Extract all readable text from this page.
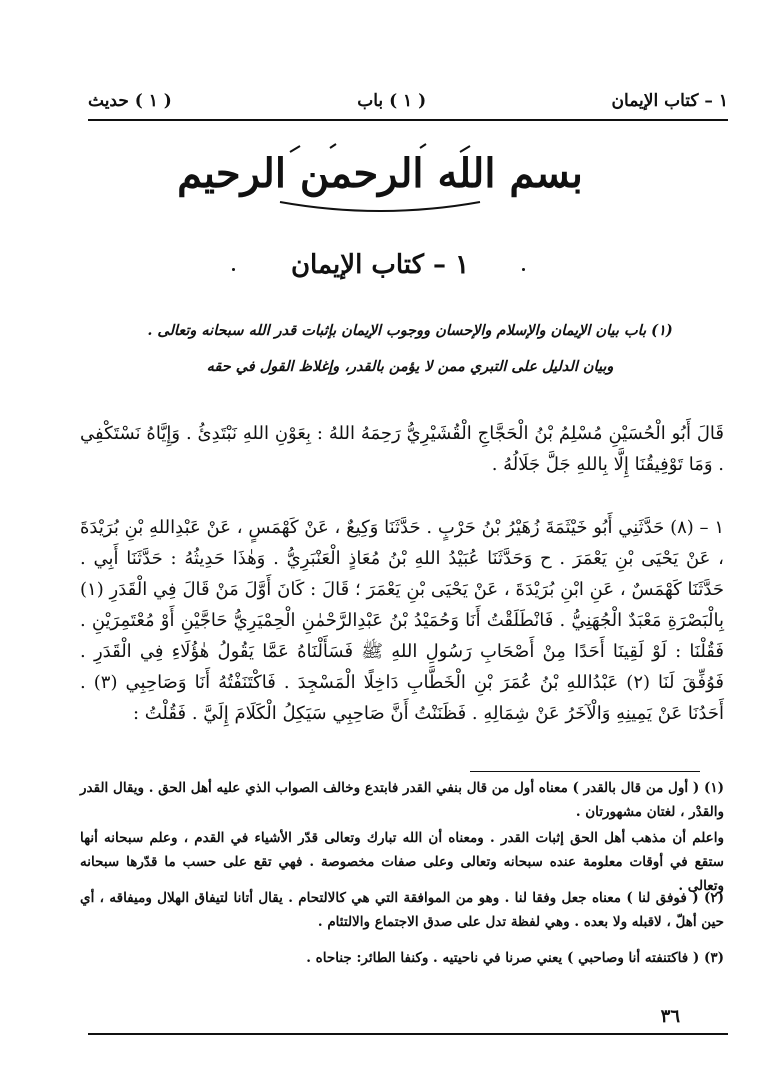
١ – كتاب الإيمان
( ١ ) باب
( ١ ) حديث
بسم الله الرحمن الرحيم
١ – كتاب الإيمان
(١) باب بيان الإيمان والإسلام والإحسان ووجوب الإيمان بإثبات قدر الله سبحانه وتعالى .
وبيان الدليل على التبري ممن لا يؤمن بالقدر، وإغلاظ القول في حقه
قَالَ أَبُو الْحُسَيْنِ مُسْلِمُ بْنُ الْحَجَّاجِ الْقُشَيْرِيُّ رَحِمَهُ اللهُ : بِعَوْنِ اللهِ نَبْتَدِئُ . وَإِيَّاهُ نَسْتَكْفِي . وَمَا تَوْفِيقُنَا إِلَّا بِاللهِ جَلَّ جَلَالُهُ .
١ – (٨) حَدَّثَنِي أَبُو خَيْثَمَةَ زُهَيْرُ بْنُ حَرْبٍ . حَدَّثَنَا وَكِيعٌ ، عَنْ كَهْمَسٍ ، عَنْ عَبْدِاللهِ بْنِ بُرَيْدَةَ ، عَنْ يَحْيَى بْنِ يَعْمَرَ . ح وَحَدَّثَنَا عُبَيْدُ اللهِ بْنُ مُعَاذٍ الْعَنْبَرِيُّ . وَهٰذَا حَدِيثُهُ : حَدَّثَنَا أَبِي . حَدَّثَنَا كَهْمَسٌ ، عَنِ ابْنِ بُرَيْدَةَ ، عَنْ يَحْيَى بْنِ يَعْمَرَ ؛ قَالَ : كَانَ أَوَّلَ مَنْ قَالَ فِي الْقَدَرِ (١) بِالْبَصْرَةِ مَعْبَدٌ الْجُهَنِيُّ . فَانْطَلَقْتُ أَنَا وَحُمَيْدُ بْنُ عَبْدِالرَّحْمٰنِ الْحِمْيَرِيُّ حَاجَّيْنِ أَوْ مُعْتَمِرَيْنِ . فَقُلْنَا : لَوْ لَقِينَا أَحَدًا مِنْ أَصْحَابِ رَسُولِ اللهِ ﷺ فَسَأَلْنَاهُ عَمَّا يَقُولُ هٰؤُلَاءِ فِي الْقَدَرِ . فَوُفِّقَ لَنَا (٢) عَبْدُاللهِ بْنُ عُمَرَ بْنِ الْخَطَّابِ دَاخِلًا الْمَسْجِدَ . فَاكْتَنَفْتُهُ أَنَا وَصَاحِبِي (٣) . أَحَدُنَا عَنْ يَمِينِهِ وَالْآخَرُ عَنْ شِمَالِهِ . فَظَنَنْتُ أَنَّ صَاحِبِي سَيَكِلُ الْكَلَامَ إِلَيَّ . فَقُلْتُ :
(١) ( أول من قال بالقدر ) معناه أول من قال بنفي القدر فابتدع وخالف الصواب الذي عليه أهل الحق . ويقال القدر والقدْر ، لغتان مشهورتان .
واعلم أن مذهب أهل الحق إثبات القدر . ومعناه أن الله تبارك وتعالى قدّر الأشياء في القدم ، وعلم سبحانه أنها ستقع في أوقات معلومة عنده سبحانه وتعالى وعلى صفات مخصوصة . فهي تقع على حسب ما قدّرها سبحانه وتعالى .
(٢) ( فوفق لنا ) معناه جعل وفقا لنا . وهو من الموافقة التي هي كالالتحام . يقال أتانا لتيفاق الهلال وميفاقه ، أي حين أهلّ ، لاقبله ولا بعده . وهي لفظة تدل على صدق الاجتماع والالتئام .
(٣) ( فاكتنفته أنا وصاحبي ) يعني صرنا في ناحيتيه . وكنفا الطائر: جناحاه .
٣٦
